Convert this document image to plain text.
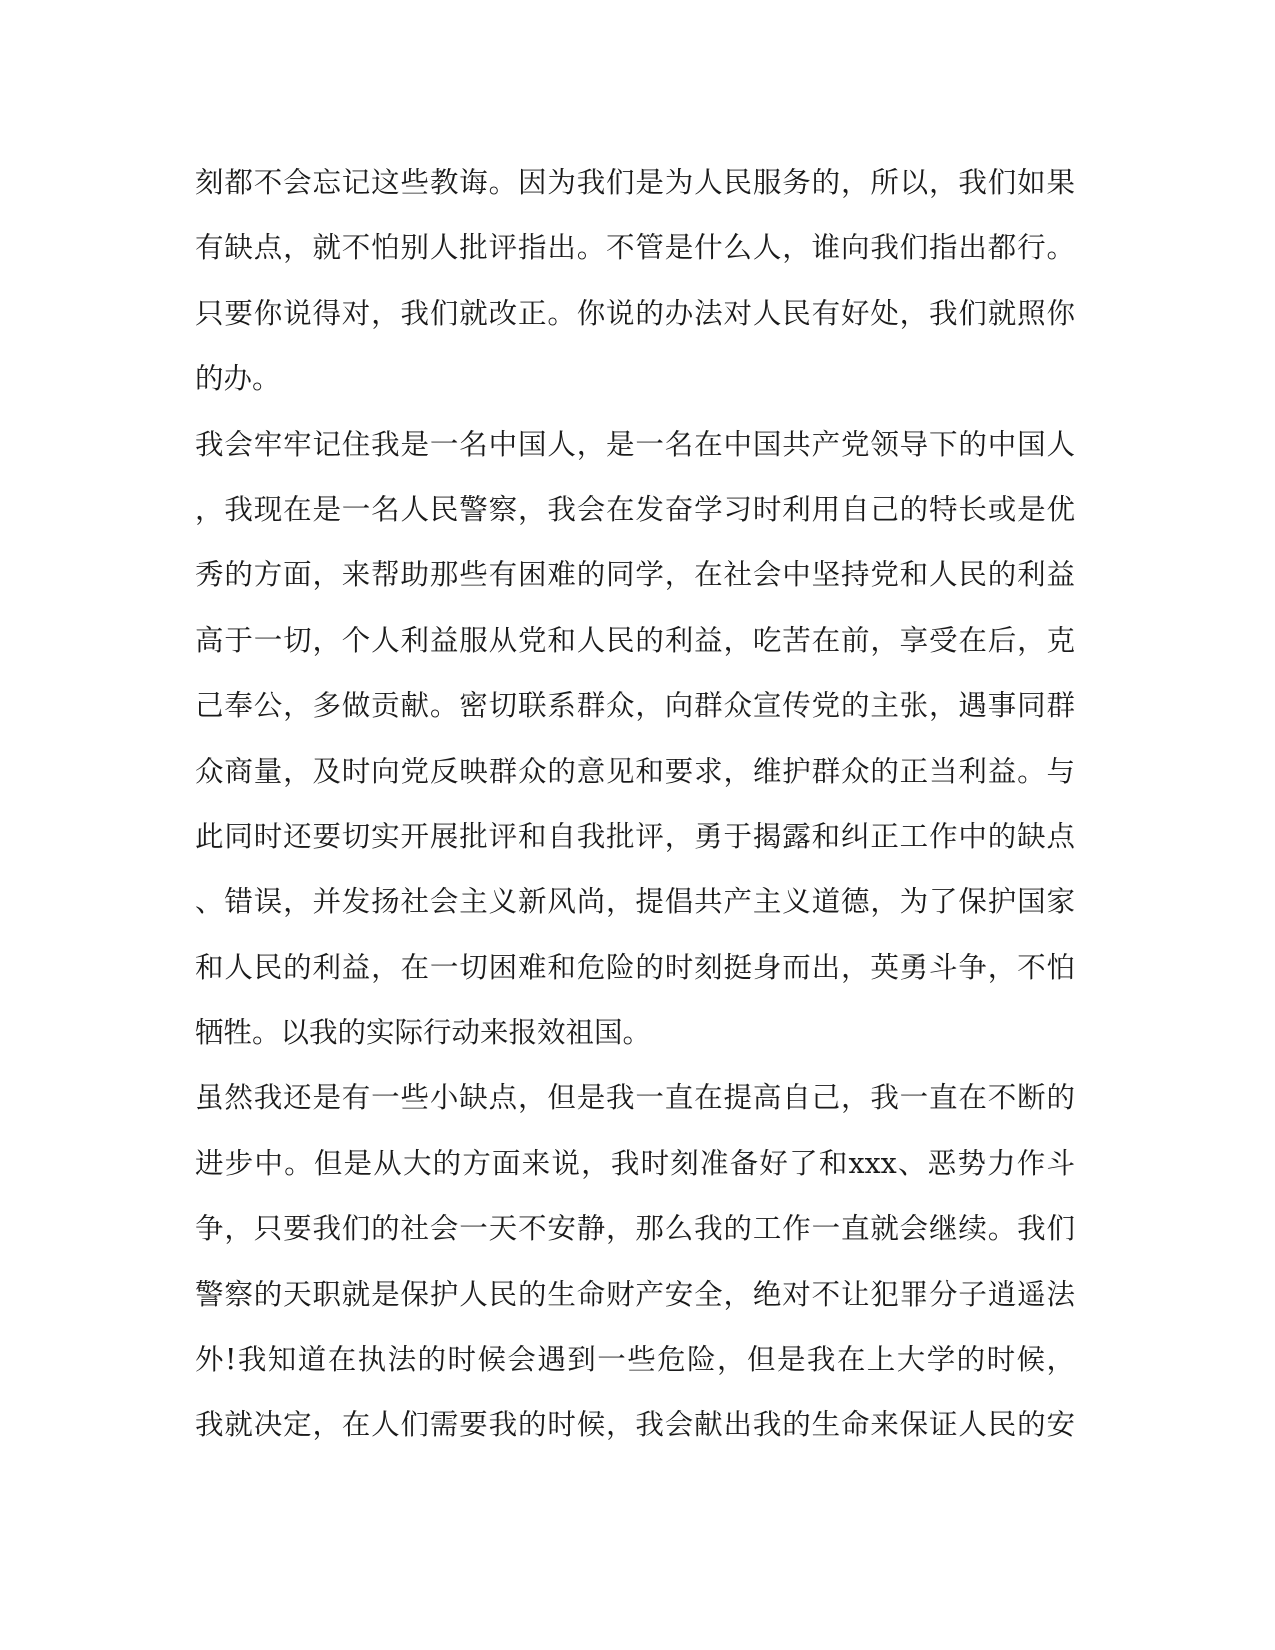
刻都不会忘记这些教诲。因为我们是为人民服务的，所以，我们如果
有缺点，就不怕别人批评指出。不管是什么人，谁向我们指出都行。
只要你说得对，我们就改正。你说的办法对人民有好处，我们就照你
的办。
我会牢牢记住我是一名中国人，是一名在中国共产党领导下的中国人
，我现在是一名人民警察，我会在发奋学习时利用自己的特长或是优
秀的方面，来帮助那些有困难的同学，在社会中坚持党和人民的利益
高于一切，个人利益服从党和人民的利益，吃苦在前，享受在后，克
己奉公，多做贡献。密切联系群众，向群众宣传党的主张，遇事同群
众商量，及时向党反映群众的意见和要求，维护群众的正当利益。与
此同时还要切实开展批评和自我批评，勇于揭露和纠正工作中的缺点
、错误，并发扬社会主义新风尚，提倡共产主义道德，为了保护国家
和人民的利益，在一切困难和危险的时刻挺身而出，英勇斗争，不怕
牺牲。以我的实际行动来报效祖国。
虽然我还是有一些小缺点，但是我一直在提高自己，我一直在不断的
进步中。但是从大的方面来说，我时刻准备好了和xxx、恶势力作斗
争，只要我们的社会一天不安静，那么我的工作一直就会继续。我们
警察的天职就是保护人民的生命财产安全，绝对不让犯罪分子逍遥法
外!我知道在执法的时候会遇到一些危险，但是我在上大学的时候，
我就决定，在人们需要我的时候，我会献出我的生命来保证人民的安
